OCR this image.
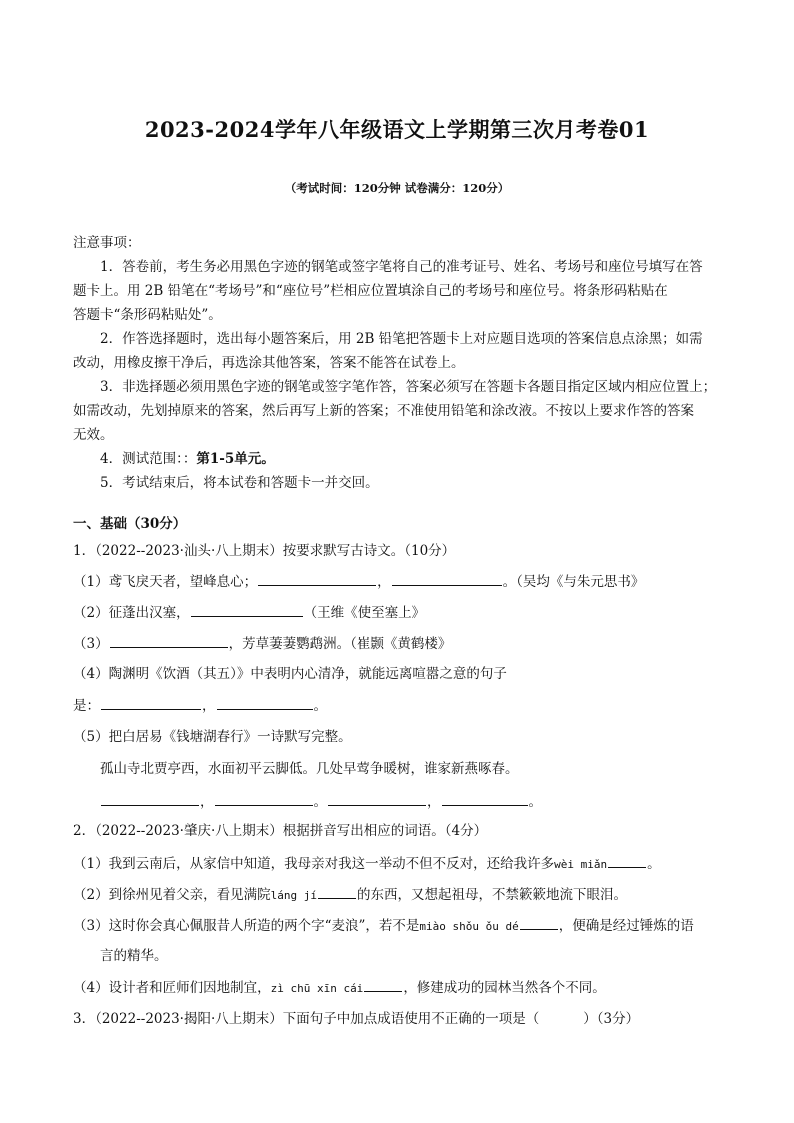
2023-2024学年八年级语文上学期第三次月考卷01
（考试时间：120分钟 试卷满分：120分）
注意事项：
1．答卷前，考生务必用黑色字迹的钢笔或签字笔将自己的准考证号、姓名、考场号和座位号填写在答
题卡上。用 2B 铅笔在“考场号”和“座位号”栏相应位置填涂自己的考场号和座位号。将条形码粘贴在
答题卡“条形码粘贴处”。
2．作答选择题时，选出每小题答案后，用 2B 铅笔把答题卡上对应题目选项的答案信息点涂黑；如需
改动，用橡皮擦干净后，再选涂其他答案，答案不能答在试卷上。
3．非选择题必须用黑色字迹的钢笔或签字笔作答，答案必须写在答题卡各题目指定区域内相应位置上；
如需改动，先划掉原来的答案，然后再写上新的答案；不准使用铅笔和涂改液。不按以上要求作答的答案
无效。
4．测试范围：：第1-5单元。
5．考试结束后，将本试卷和答题卡一并交回。
一、基础（30分）
1．（2022--2023·汕头·八上期末）按要求默写古诗文。（10分）
（1）鸢飞戾天者，望峰息心；	，	。（吴均《与朱元思书》
（2）征蓬出汉塞，	（王维《使至塞上》
（3）	，芳草萋萋鹦鹉洲。（崔颢《黄鹤楼》
（4）陶渊明《饮酒（其五）》中表明内心清净，就能远离喧嚣之意的句子
是：	，	。
（5）把白居易《钱塘湖春行》一诗默写完整。
孤山寺北贾亭西，水面初平云脚低。几处早莺争暖树，谁家新燕啄春。
，	。	，	。
2．（2022--2023·肇庆·八上期末）根据拼音写出相应的词语。（4分）
（1）我到云南后，从家信中知道，我母亲对我这一举动不但不反对，还给我许多wèi miǎn	。
（2）到徐州见着父亲，看见满院láng jí	的东西，又想起祖母，不禁簌簌地流下眼泪。
（3）这时你会真心佩服昔人所造的两个字“麦浪”，若不是miào shǒu ǒu dé	，便确是经过锤炼的语
言的精华。
（4）设计者和匠师们因地制宜，zì chū xīn cái	，修建成功的园林当然各个不同。
3．（2022--2023·揭阳·八上期末）下面句子中加点成语使用不正确的一项是（	）（3分）
